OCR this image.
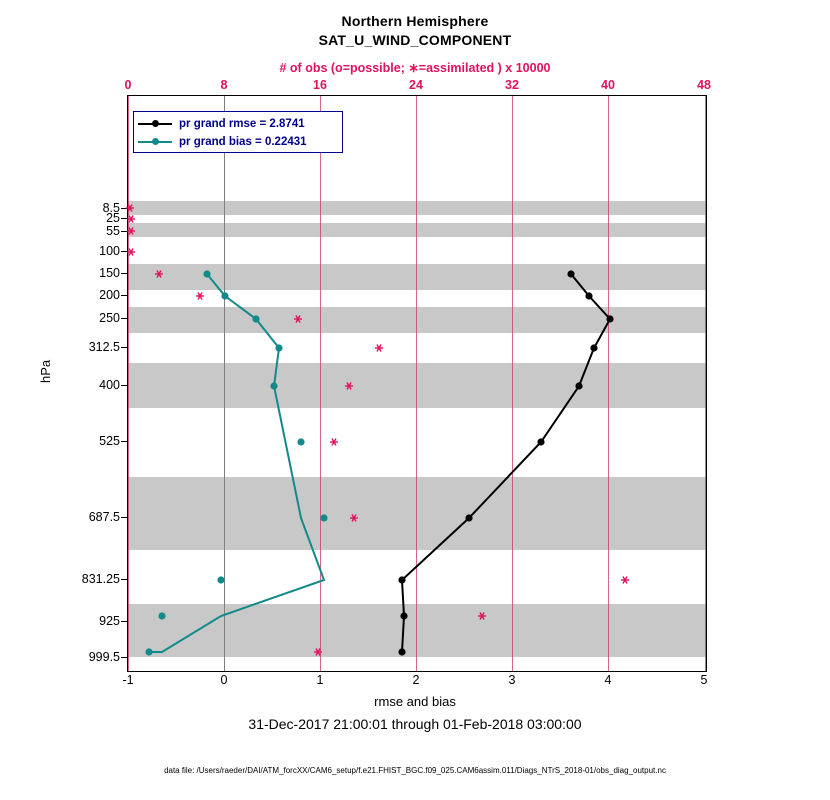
Northern Hemisphere
SAT_U_WIND_COMPONENT
# of obs (o=possible; ∗=assimilated ) x 10000
0	8	16	24	32	40	48
-1	0	1	2	3	4	5
8.5
25
55
100
150
200
250
312.5
400
525
687.5
831.25
925
999.5
hPa
pr grand rmse = 2.8741
pr grand bias = 0.22431
rmse and bias
31-Dec-2017 21:00:01 through 01-Feb-2018 03:00:00
data file: /Users/raeder/DAI/ATM_forcXX/CAM6_setup/f.e21.FHIST_BGC.f09_025.CAM6assim.011/Diags_NTrS_2018-01/obs_diag_output.nc
